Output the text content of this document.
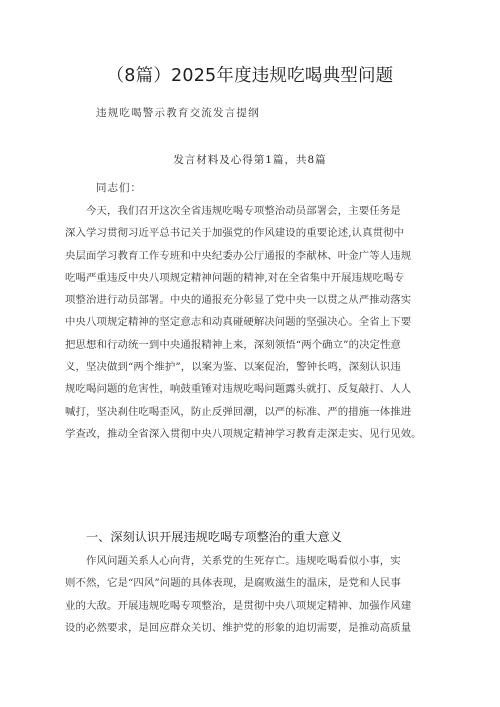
（8篇）2025年度违规吃喝典型问题
违规吃喝警示教育交流发言提纲
发言材料及心得第1篇，共8篇
同志们：
　　今天，我们召开这次全省违规吃喝专项整治动员部署会，主要任务是
深入学习贯彻习近平总书记关于加强党的作风建设的重要论述,认真贯彻中
央层面学习教育工作专班和中央纪委办公厅通报的李献林、叶金广等人违规
吃喝严重违反中央八项规定精神问题的精神,对在全省集中开展违规吃喝专
项整治进行动员部署。中央的通报充分彰显了党中央一以贯之从严推动落实
中央八项规定精神的坚定意志和动真碰硬解决问题的坚强决心。全省上下要
把思想和行动统一到中央通报精神上来，深刻领悟“两个确立”的决定性意
义，坚决做到“两个维护”，以案为鉴、以案促治，警钟长鸣，深刻认识违
规吃喝问题的危害性，响鼓重锤对违规吃喝问题露头就打、反复敲打、人人
喊打，坚决刹住吃喝歪风，防止反弹回潮，以严的标准、严的措施一体推进
学查改，推动全省深入贯彻中央八项规定精神学习教育走深走实、见行见效。
一、深刻认识开展违规吃喝专项整治的重大意义
　　作风问题关系人心向背，关系党的生死存亡。违规吃喝看似小事，实
则不然，它是“四风”问题的具体表现，是腐败滋生的温床，是党和人民事
业的大敌。开展违规吃喝专项整治，是贯彻中央八项规定精神、加强作风建
设的必然要求，是回应群众关切、维护党的形象的迫切需要，是推动高质量
